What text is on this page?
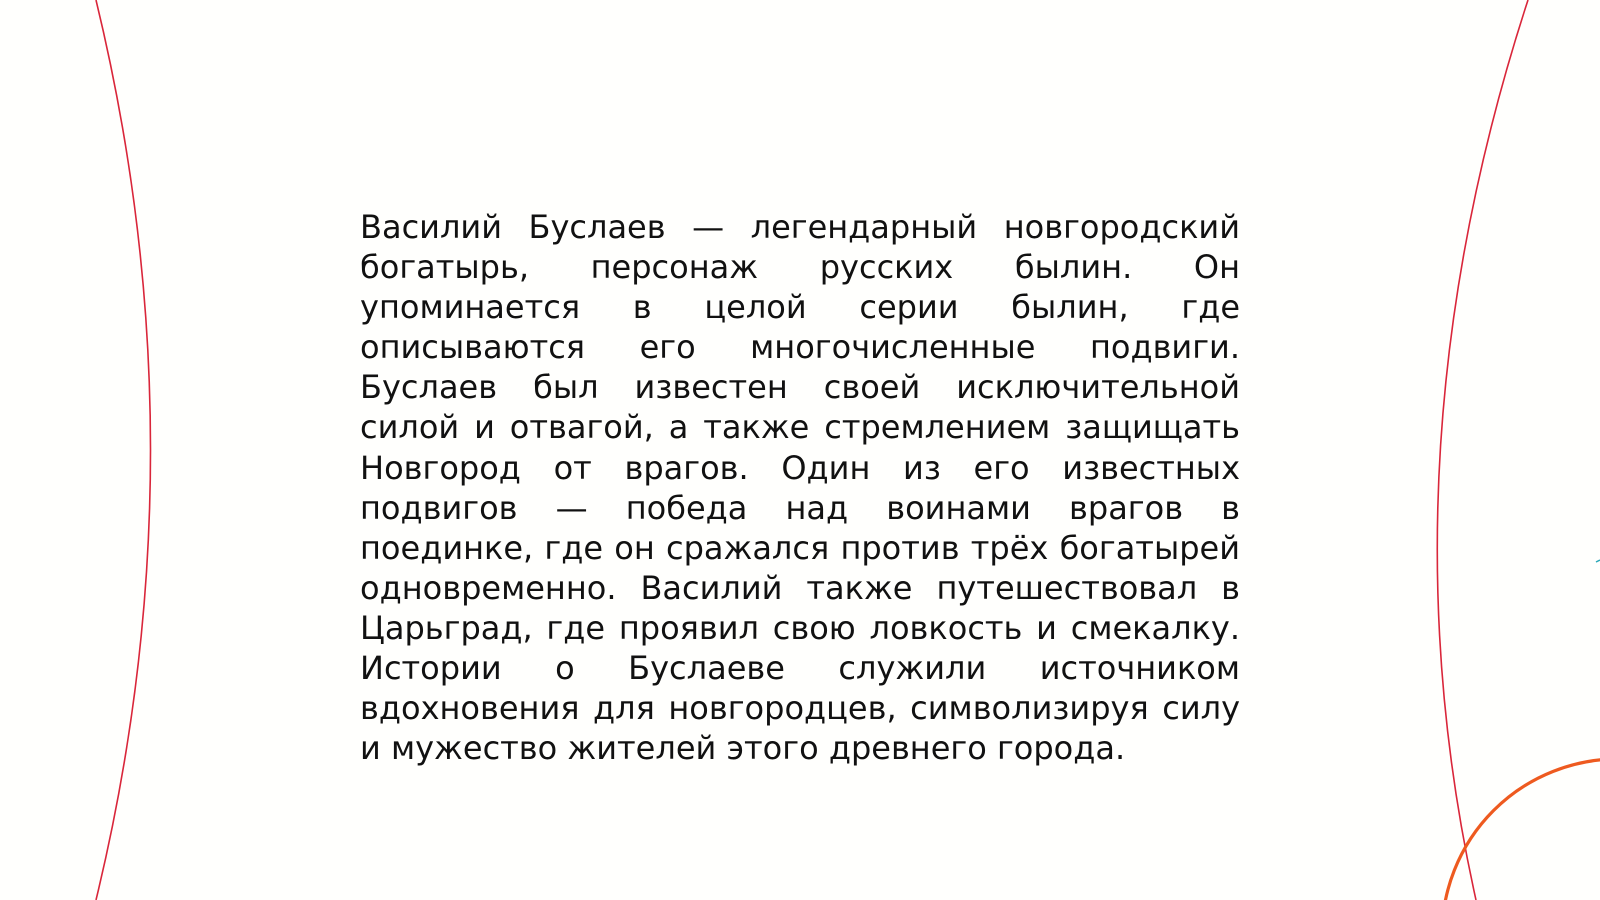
Василий Буслаев — легендарный новгородский богатырь, персонаж русских былин. Он упоминается в целой серии былин, где описываются его многочисленные подвиги. Буслаев был известен своей исключительной силой и отвагой, а также стремлением защищать Новгород от врагов. Один из его известных подвигов — победа над воинами врагов в поединке, где он сражался против трёх богатырей одновременно. Василий также путешествовал в Царьград, где проявил свою ловкость и смекалку. Истории о Буслаеве служили источником вдохновения для новгородцев, символизируя силу и мужество жителей этого древнего города.
